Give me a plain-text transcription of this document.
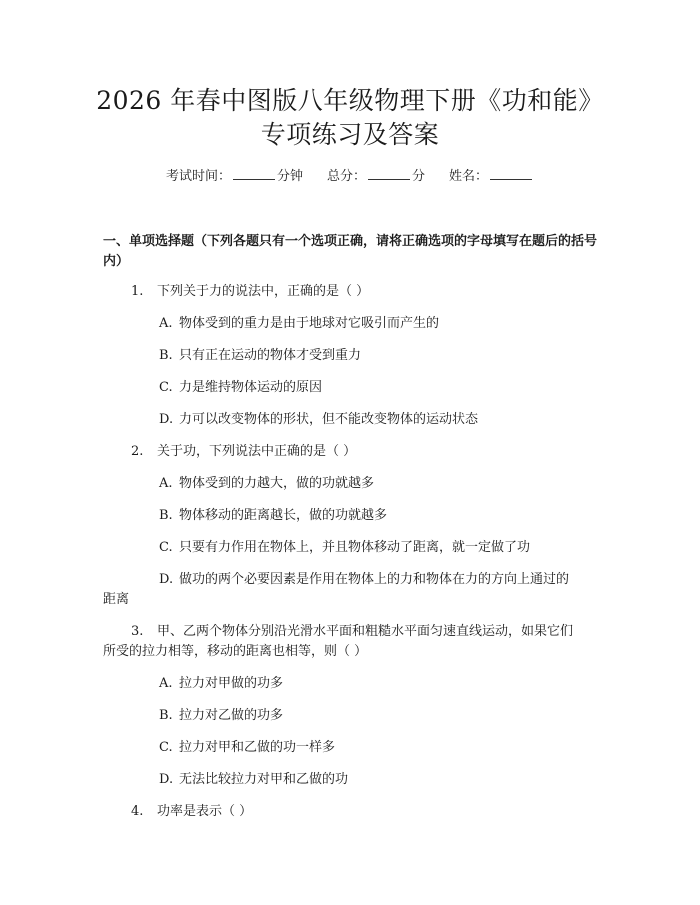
2026 年春中图版八年级物理下册《功和能》
专项练习及答案
考试时间：	分钟 总分：	分 姓名：
一、单项选择题（下列各题只有一个选项正确，请将正确选项的字母填写在题后的括号内）
1. 下列关于力的说法中，正确的是（ ）
A. 物体受到的重力是由于地球对它吸引而产生的
B. 只有正在运动的物体才受到重力
C. 力是维持物体运动的原因
D. 力可以改变物体的形状，但不能改变物体的运动状态
2. 关于功，下列说法中正确的是（ ）
A. 物体受到的力越大，做的功就越多
B. 物体移动的距离越长，做的功就越多
C. 只要有力作用在物体上，并且物体移动了距离，就一定做了功
D. 做功的两个必要因素是作用在物体上的力和物体在力的方向上通过的
距离
3. 甲、乙两个物体分别沿光滑水平面和粗糙水平面匀速直线运动，如果它们
所受的拉力相等，移动的距离也相等，则（ ）
A. 拉力对甲做的功多
B. 拉力对乙做的功多
C. 拉力对甲和乙做的功一样多
D. 无法比较拉力对甲和乙做的功
4. 功率是表示（ ）
